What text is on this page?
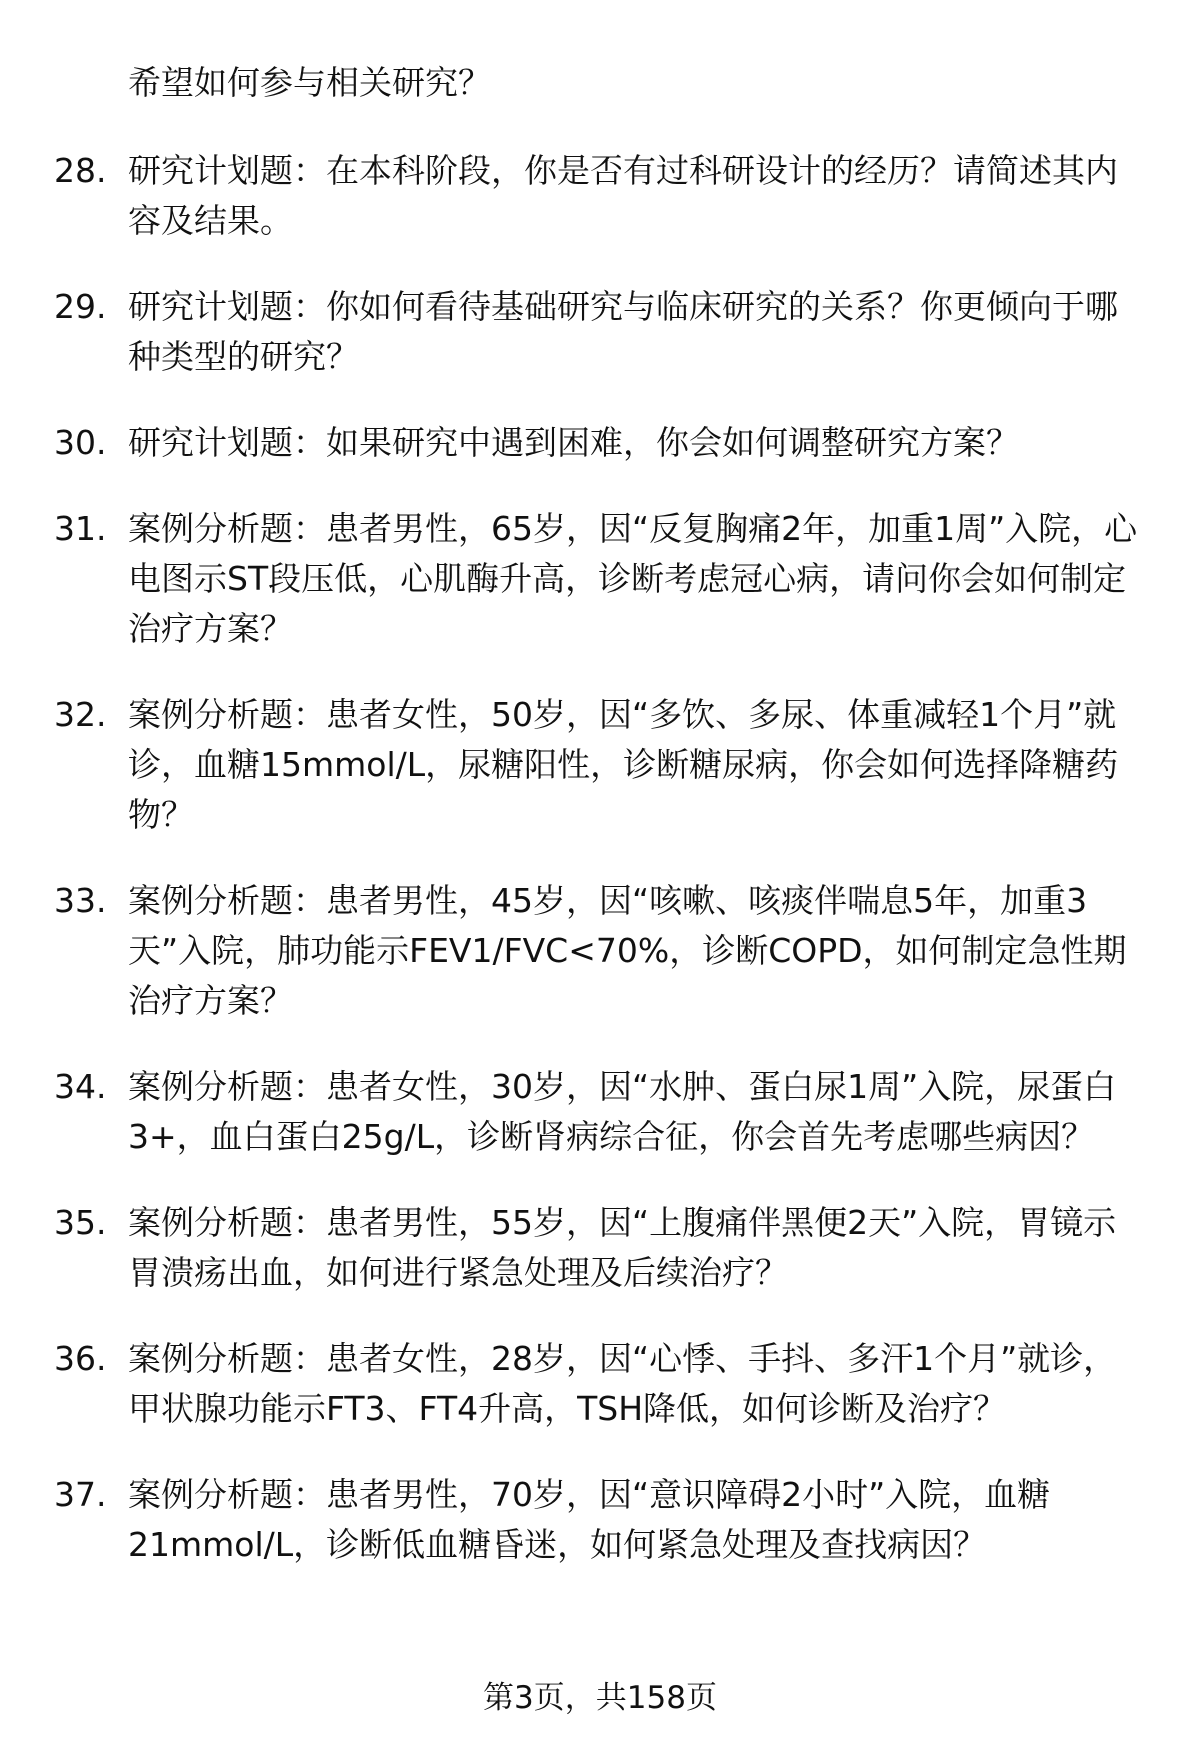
希望如何参与相关研究？
28. 研究计划题：在本科阶段，你是否有过科研设计的经历？请简述其内容及结果。
29. 研究计划题：你如何看待基础研究与临床研究的关系？你更倾向于哪种类型的研究？
30. 研究计划题：如果研究中遇到困难，你会如何调整研究方案？
31. 案例分析题：患者男性，65岁，因“反复胸痛2年，加重1周”入院，心电图示ST段压低，心肌酶升高，诊断考虑冠心病，请问你会如何制定治疗方案？
32. 案例分析题：患者女性，50岁，因“多饮、多尿、体重减轻1个月”就诊，血糖15mmol/L，尿糖阳性，诊断糖尿病，你会如何选择降糖药物？
33. 案例分析题：患者男性，45岁，因“咳嗽、咳痰伴喘息5年，加重3天”入院，肺功能示FEV1/FVC<70%，诊断COPD，如何制定急性期治疗方案？
34. 案例分析题：患者女性，30岁，因“水肿、蛋白尿1周”入院，尿蛋白3+，血白蛋白25g/L，诊断肾病综合征，你会首先考虑哪些病因？
35. 案例分析题：患者男性，55岁，因“上腹痛伴黑便2天”入院，胃镜示胃溃疡出血，如何进行紧急处理及后续治疗？
36. 案例分析题：患者女性，28岁，因“心悸、手抖、多汗1个月”就诊，甲状腺功能示FT3、FT4升高，TSH降低，如何诊断及治疗？
37. 案例分析题：患者男性，70岁，因“意识障碍2小时”入院，血糖21mmol/L，诊断低血糖昏迷，如何紧急处理及查找病因？
第3页，共158页
